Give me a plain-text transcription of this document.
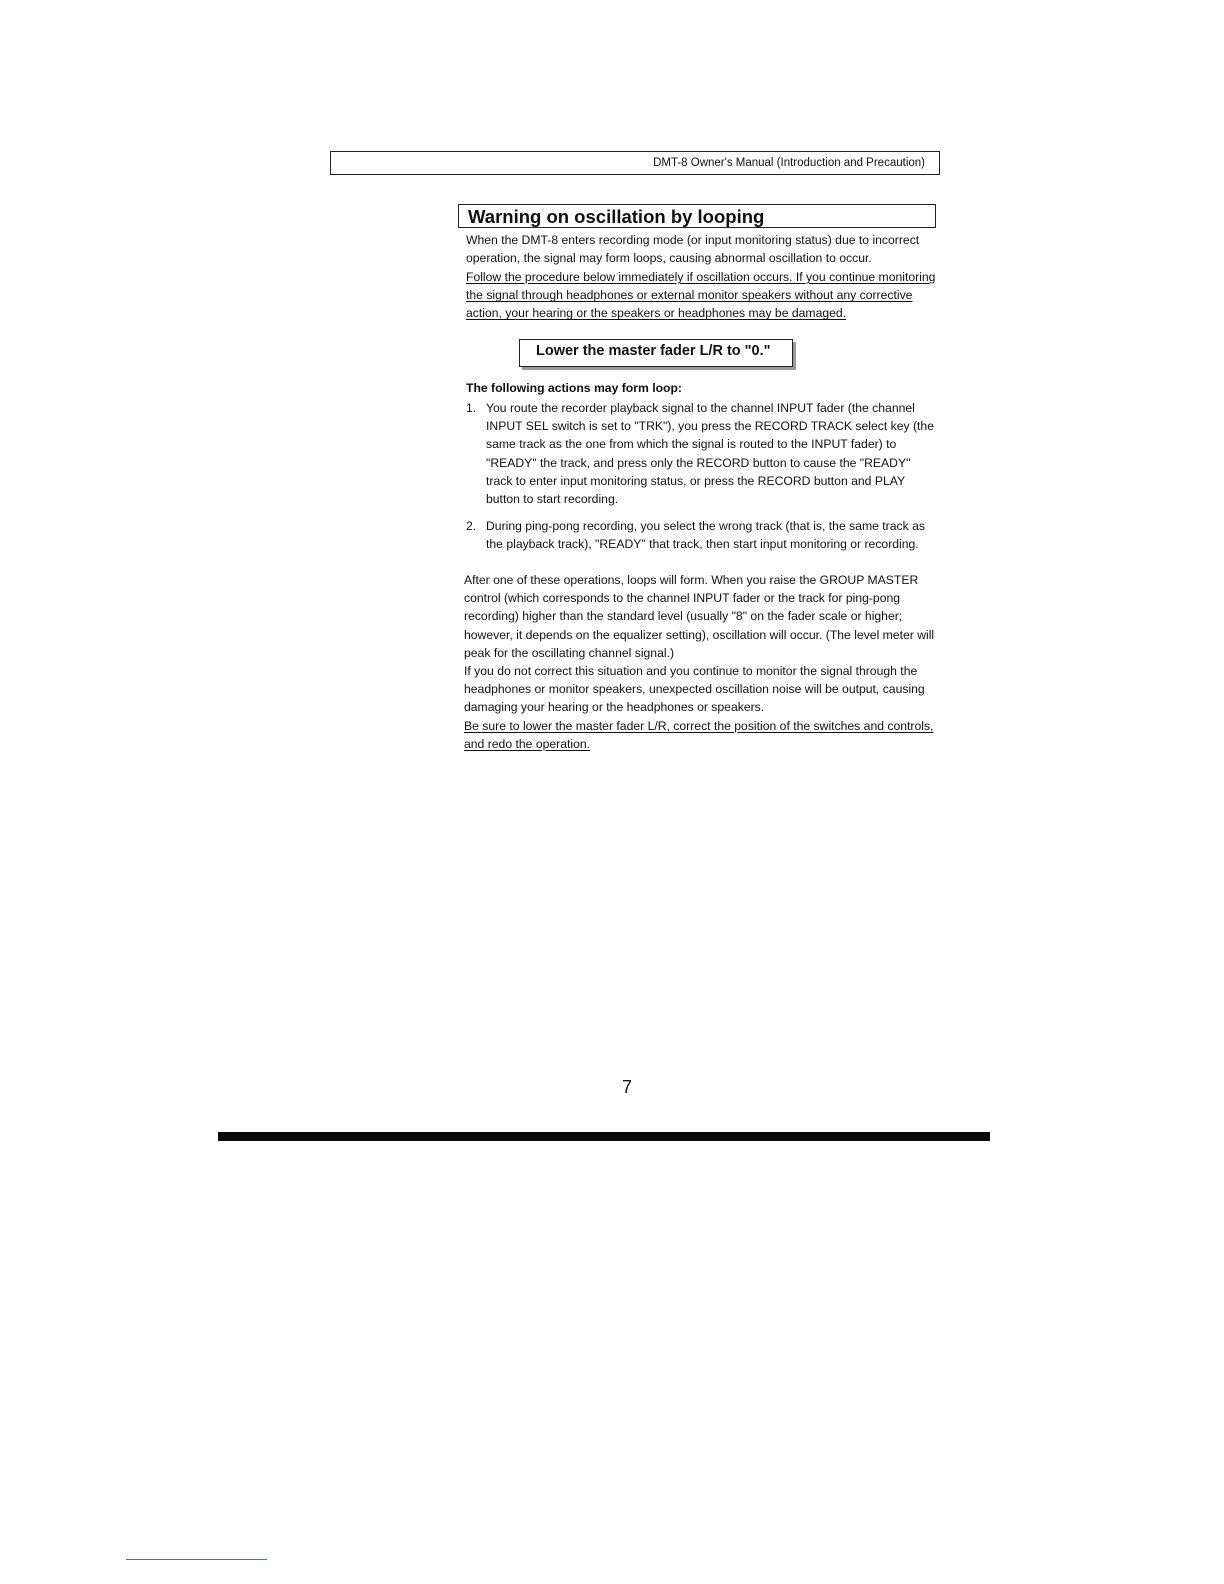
DMT-8 Owner's Manual (Introduction and Precaution)
Warning on oscillation by looping
When the DMT-8 enters recording mode (or input monitoring status) due to incorrect
operation, the signal may form loops, causing abnormal oscillation to occur.
Follow the procedure below immediately if oscillation occurs. If you continue monitoring
the signal through headphones or external monitor speakers without any corrective
action, your hearing or the speakers or headphones may be damaged.
Lower the master fader L/R to "0."
The following actions may form loop:
1. You route the recorder playback signal to the channel INPUT fader (the channel
INPUT SEL switch is set to "TRK"), you press the RECORD TRACK select key (the
same track as the one from which the signal is routed to the INPUT fader) to
"READY" the track, and press only the RECORD button to cause the "READY"
track to enter input monitoring status, or press the RECORD button and PLAY
button to start recording.
2. During ping-pong recording, you select the wrong track (that is, the same track as
the playback track), "READY" that track, then start input monitoring or recording.
After one of these operations, loops will form. When you raise the GROUP MASTER
control (which corresponds to the channel INPUT fader or the track for ping-pong
recording) higher than the standard level (usually "8" on the fader scale or higher;
however, it depends on the equalizer setting), oscillation will occur. (The level meter will
peak for the oscillating channel signal.)
If you do not correct this situation and you continue to monitor the signal through the
headphones or monitor speakers, unexpected oscillation noise will be output, causing
damaging your hearing or the headphones or speakers.
Be sure to lower the master fader L/R, correct the position of the switches and controls,
and redo the operation.
7
